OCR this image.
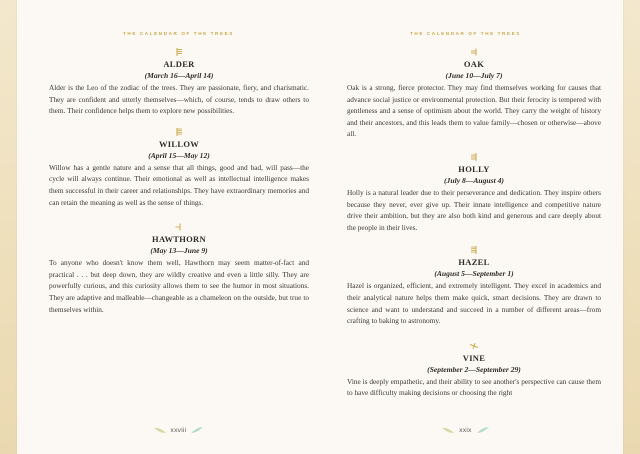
THE CALENDAR OF THE TREES
ALDER
(March 16—April 14)
Alder is the Leo of the zodiac of the trees. They are passionate, fiery, and charismatic. They are confident and utterly themselves—which, of course, tends to draw others to them. Their confidence helps them to explore new possibilities.
WILLOW
(April 15—May 12)
Willow has a gentle nature and a sense that all things, good and bad, will pass—the cycle will always continue. Their emotional as well as intellectual intelligence makes them successful in their career and relationships. They have extraordinary memories and can retain the meaning as well as the sense of things.
HAWTHORN
(May 13—June 9)
To anyone who doesn't know them well, Hawthorn may seem matter-of-fact and practical . . . but deep down, they are wildly creative and even a little silly. They are powerfully curious, and this curiosity allows them to see the humor in most situations. They are adaptive and malleable—changeable as a chameleon on the outside, but true to themselves within.
xxviii
THE CALENDAR OF THE TREES
OAK
(June 10—July 7)
Oak is a strong, fierce protector. They may find themselves working for causes that advance social justice or environmental protection. But their ferocity is tempered with gentleness and a sense of optimism about the world. They carry the weight of history and their ancestors, and this leads them to value family—chosen or otherwise—above all.
HOLLY
(July 8—August 4)
Holly is a natural leader due to their perseverance and dedication. They inspire others because they never, ever give up. Their innate intelligence and competitive nature drive their ambition, but they are also both kind and generous and care deeply about the people in their lives.
HAZEL
(August 5—September 1)
Hazel is organized, efficient, and extremely intelligent. They excel in academics and their analytical nature helps them make quick, smart decisions. They are drawn to science and want to understand and succeed in a number of different areas—from crafting to baking to astronomy.
VINE
(September 2—September 29)
Vine is deeply empathetic, and their ability to see another's perspective can cause them to have difficulty making decisions or choosing the right
xxix
